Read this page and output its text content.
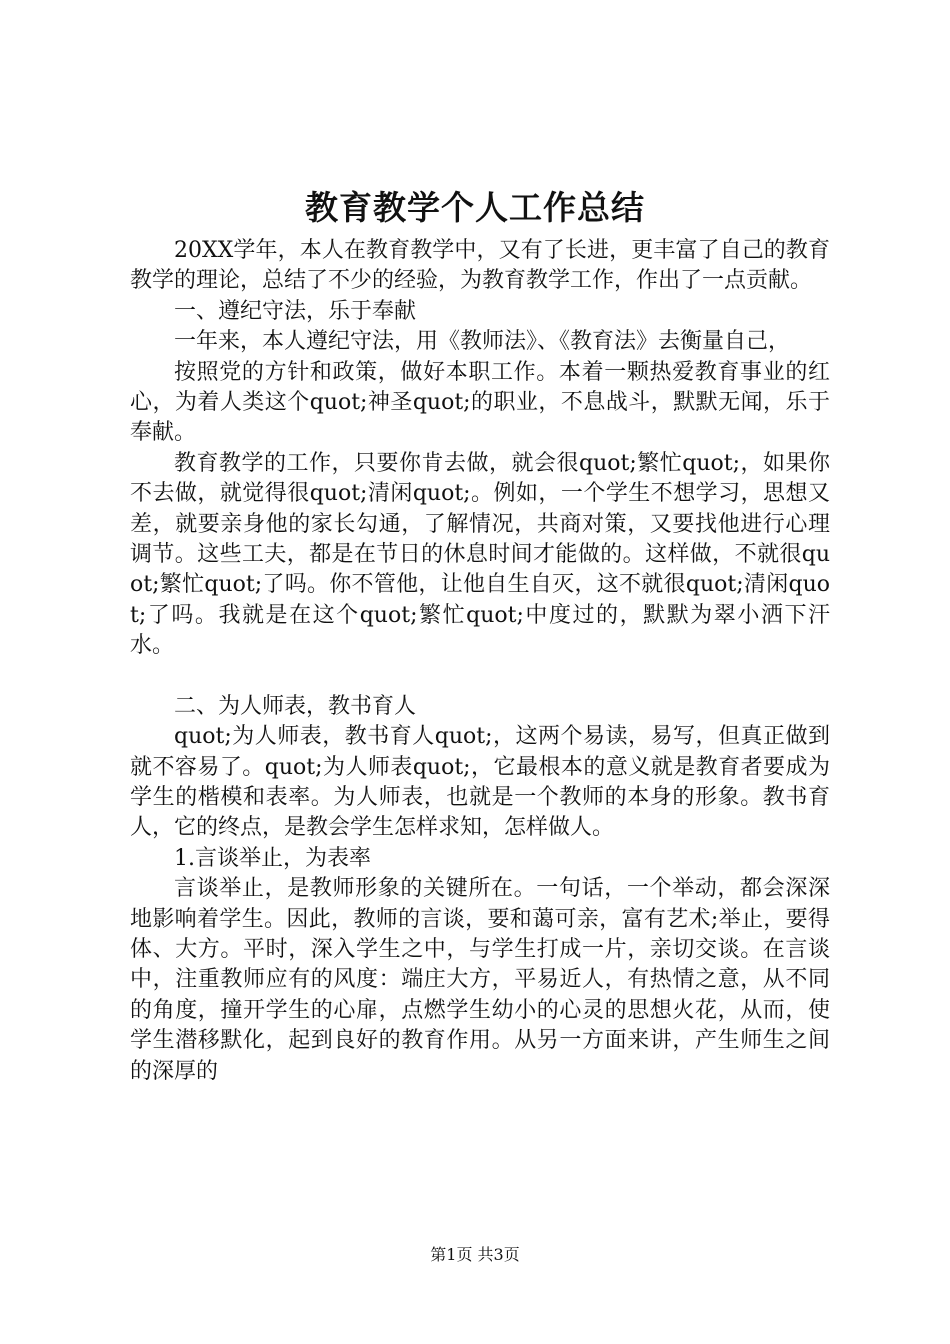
教育教学个人工作总结

20XX学年，本人在教育教学中，又有了长进，更丰富了自己的教育教学的理论，总结了不少的经验，为教育教学工作，作出了一点贡献。

一、遵纪守法，乐于奉献

一年来，本人遵纪守法，用《教师法》、《教育法》去衡量自己，

按照党的方针和政策，做好本职工作。本着一颗热爱教育事业的红心，为着人类这个quot;神圣quot;的职业，不息战斗，默默无闻，乐于奉献。

教育教学的工作，只要你肯去做，就会很quot;繁忙quot;，如果你不去做，就觉得很quot;清闲quot;。例如，一个学生不想学习，思想又差，就要亲身他的家长勾通，了解情况，共商对策，又要找他进行心理调节。这些工夫，都是在节日的休息时间才能做的。这样做，不就很quot;繁忙quot;了吗。你不管他，让他自生自灭，这不就很quot;清闲quot;了吗。我就是在这个quot;繁忙quot;中度过的，默默为翠小洒下汗水。

二、为人师表，教书育人

quot;为人师表，教书育人quot;，这两个易读，易写，但真正做到就不容易了。quot;为人师表quot;，它最根本的意义就是教育者要成为学生的楷模和表率。为人师表，也就是一个教师的本身的形象。教书育人，它的终点，是教会学生怎样求知，怎样做人。

1.言谈举止，为表率

言谈举止，是教师形象的关键所在。一句话，一个举动，都会深深地影响着学生。因此，教师的言谈，要和蔼可亲，富有艺术;举止，要得体、大方。平时，深入学生之中，与学生打成一片，亲切交谈。在言谈中，注重教师应有的风度：端庄大方，平易近人，有热情之意，从不同的角度，撞开学生的心扉，点燃学生幼小的心灵的思想火花，从而，使学生潜移默化，起到良好的教育作用。从另一方面来讲，产生师生之间的深厚的

第1页 共3页
